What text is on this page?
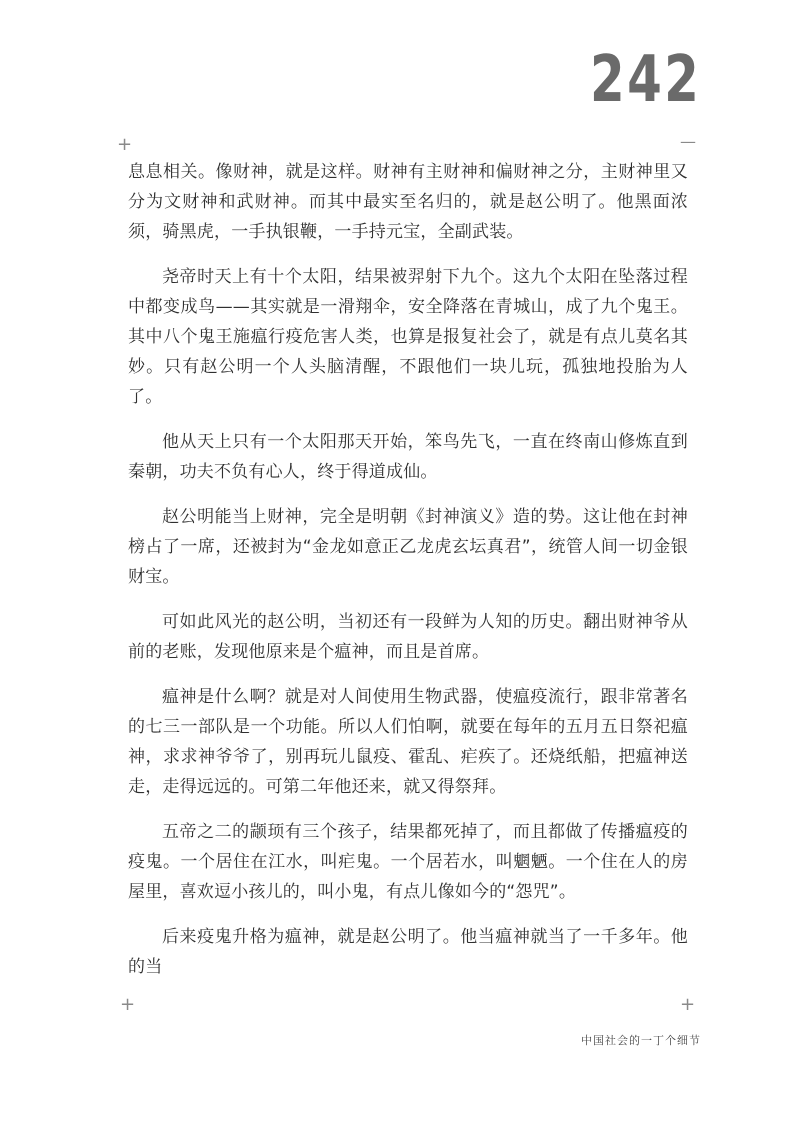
242
+	—
+	+

息息相关。像财神，就是这样。财神有主财神和偏财神之分，主财神里又分为文财神和武财神。而其中最实至名归的，就是赵公明了。他黑面浓须，骑黑虎，一手执银鞭，一手持元宝，全副武装。

尧帝时天上有十个太阳，结果被羿射下九个。这九个太阳在坠落过程中都变成鸟——其实就是一滑翔伞，安全降落在青城山，成了九个鬼王。其中八个鬼王施瘟行疫危害人类，也算是报复社会了，就是有点儿莫名其妙。只有赵公明一个人头脑清醒，不跟他们一块儿玩，孤独地投胎为人了。

他从天上只有一个太阳那天开始，笨鸟先飞，一直在终南山修炼直到秦朝，功夫不负有心人，终于得道成仙。

赵公明能当上财神，完全是明朝《封神演义》造的势。这让他在封神榜占了一席，还被封为“金龙如意正乙龙虎玄坛真君”，统管人间一切金银财宝。

可如此风光的赵公明，当初还有一段鲜为人知的历史。翻出财神爷从前的老账，发现他原来是个瘟神，而且是首席。

瘟神是什么啊？就是对人间使用生物武器，使瘟疫流行，跟非常著名的七三一部队是一个功能。所以人们怕啊，就要在每年的五月五日祭祀瘟神，求求神爷爷了，别再玩儿鼠疫、霍乱、疟疾了。还烧纸船，把瘟神送走，走得远远的。可第二年他还来，就又得祭拜。

五帝之二的颛顼有三个孩子，结果都死掉了，而且都做了传播瘟疫的疫鬼。一个居住在江水，叫疟鬼。一个居若水，叫魍魉。一个住在人的房屋里，喜欢逗小孩儿的，叫小鬼，有点儿像如今的“怨咒”。

后来疫鬼升格为瘟神，就是赵公明了。他当瘟神就当了一千多年。他的当

中国社会的一丁个细节
